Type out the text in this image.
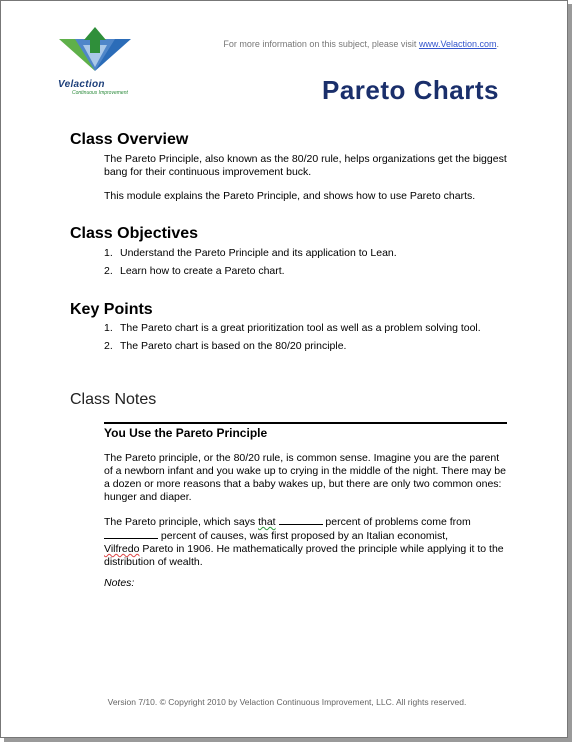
Velaction
Continuous Improvement
For more information on this subject, please visit www.Velaction.com.
Pareto Charts
Class Overview
The Pareto Principle, also known as the 80/20 rule, helps organizations get the biggest bang for their continuous improvement buck.
This module explains the Pareto Principle, and shows how to use Pareto charts.
Class Objectives
1. Understand the Pareto Principle and its application to Lean.
2. Learn how to create a Pareto chart.
Key Points
1. The Pareto chart is a great prioritization tool as well as a problem solving tool.
2. The Pareto chart is based on the 80/20 principle.
Class Notes
You Use the Pareto Principle
The Pareto principle, or the 80/20 rule, is common sense. Imagine you are the parent of a newborn infant and you wake up to crying in the middle of the night. There may be a dozen or more reasons that a baby wakes up, but there are only two common ones: hunger and diaper.
The Pareto principle, which says that	percent of problems come from
percent of causes, was first proposed by an Italian economist,
Vilfredo Pareto in 1906. He mathematically proved the principle while applying it to the distribution of wealth.
Notes:
Version 7/10. © Copyright 2010 by Velaction Continuous Improvement, LLC. All rights reserved.
